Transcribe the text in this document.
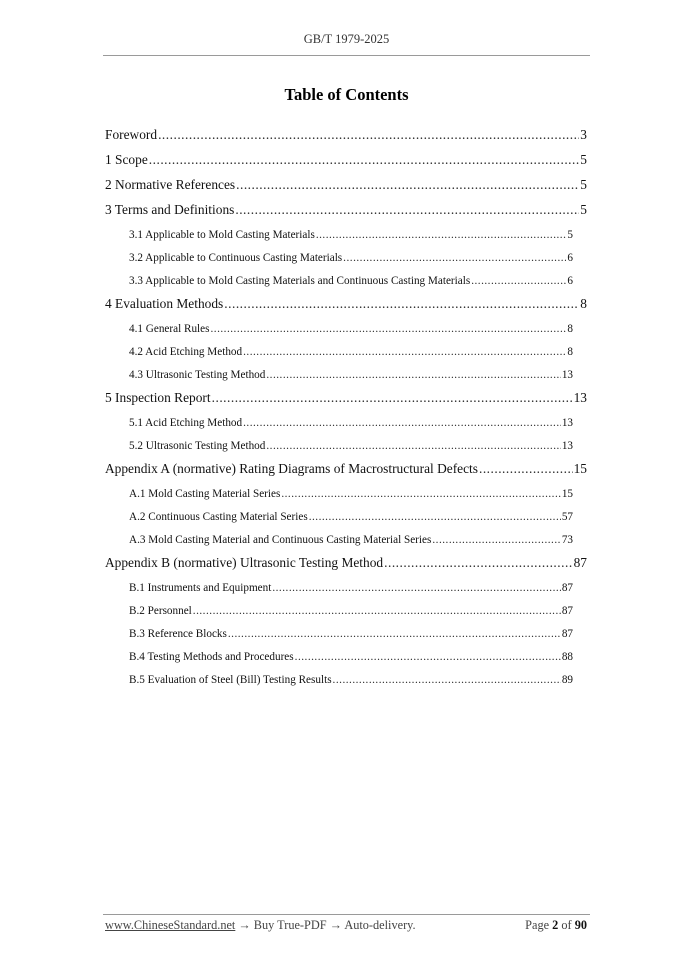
GB/T 1979-2025
Table of Contents
Foreword .....	3
1 Scope .....	5
2 Normative References .....	5
3 Terms and Definitions .....	5
3.1 Applicable to Mold Casting Materials .....	5
3.2 Applicable to Continuous Casting Materials .....	6
3.3 Applicable to Mold Casting Materials and Continuous Casting Materials .....	6
4 Evaluation Methods .....	8
4.1 General Rules .....	8
4.2 Acid Etching Method .....	8
4.3 Ultrasonic Testing Method .....	13
5 Inspection Report .....	13
5.1 Acid Etching Method .....	13
5.2 Ultrasonic Testing Method .....	13
Appendix A (normative) Rating Diagrams of Macrostructural Defects .....	15
A.1 Mold Casting Material Series .....	15
A.2 Continuous Casting Material Series .....	57
A.3 Mold Casting Material and Continuous Casting Material Series .....	73
Appendix B (normative) Ultrasonic Testing Method .....	87
B.1 Instruments and Equipment .....	87
B.2 Personnel .....	87
B.3 Reference Blocks .....	87
B.4 Testing Methods and Procedures .....	88
B.5 Evaluation of Steel (Bill) Testing Results .....	89
www.ChineseStandard.net → Buy True-PDF → Auto-delivery.	Page 2 of 90
